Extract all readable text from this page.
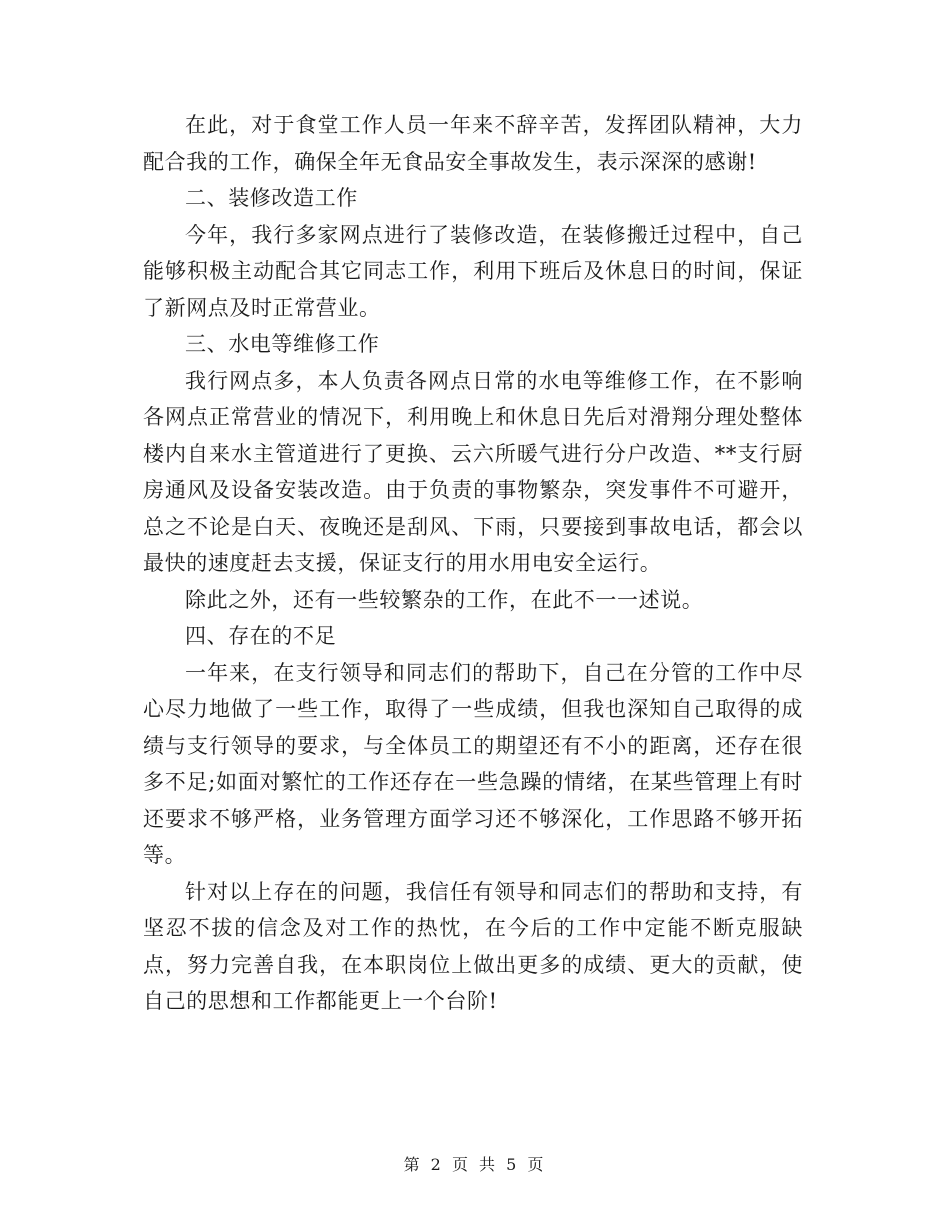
在此，对于食堂工作人员一年来不辞辛苦，发挥团队精神，大力配合我的工作，确保全年无食品安全事故发生，表示深深的感谢!

二、装修改造工作

今年，我行多家网点进行了装修改造，在装修搬迁过程中，自己能够积极主动配合其它同志工作，利用下班后及休息日的时间，保证了新网点及时正常营业。

三、水电等维修工作

我行网点多，本人负责各网点日常的水电等维修工作，在不影响各网点正常营业的情况下，利用晚上和休息日先后对滑翔分理处整体楼内自来水主管道进行了更换、云六所暖气进行分户改造、**支行厨房通风及设备安装改造。由于负责的事物繁杂，突发事件不可避开，总之不论是白天、夜晚还是刮风、下雨，只要接到事故电话，都会以最快的速度赶去支援，保证支行的用水用电安全运行。

除此之外，还有一些较繁杂的工作，在此不一一述说。

四、存在的不足

一年来，在支行领导和同志们的帮助下，自己在分管的工作中尽心尽力地做了一些工作，取得了一些成绩，但我也深知自己取得的成绩与支行领导的要求，与全体员工的期望还有不小的距离，还存在很多不足;如面对繁忙的工作还存在一些急躁的情绪，在某些管理上有时还要求不够严格，业务管理方面学习还不够深化，工作思路不够开拓等。

针对以上存在的问题，我信任有领导和同志们的帮助和支持，有坚忍不拔的信念及对工作的热忱，在今后的工作中定能不断克服缺点，努力完善自我，在本职岗位上做出更多的成绩、更大的贡献，使自己的思想和工作都能更上一个台阶!

第 2 页 共 5 页
